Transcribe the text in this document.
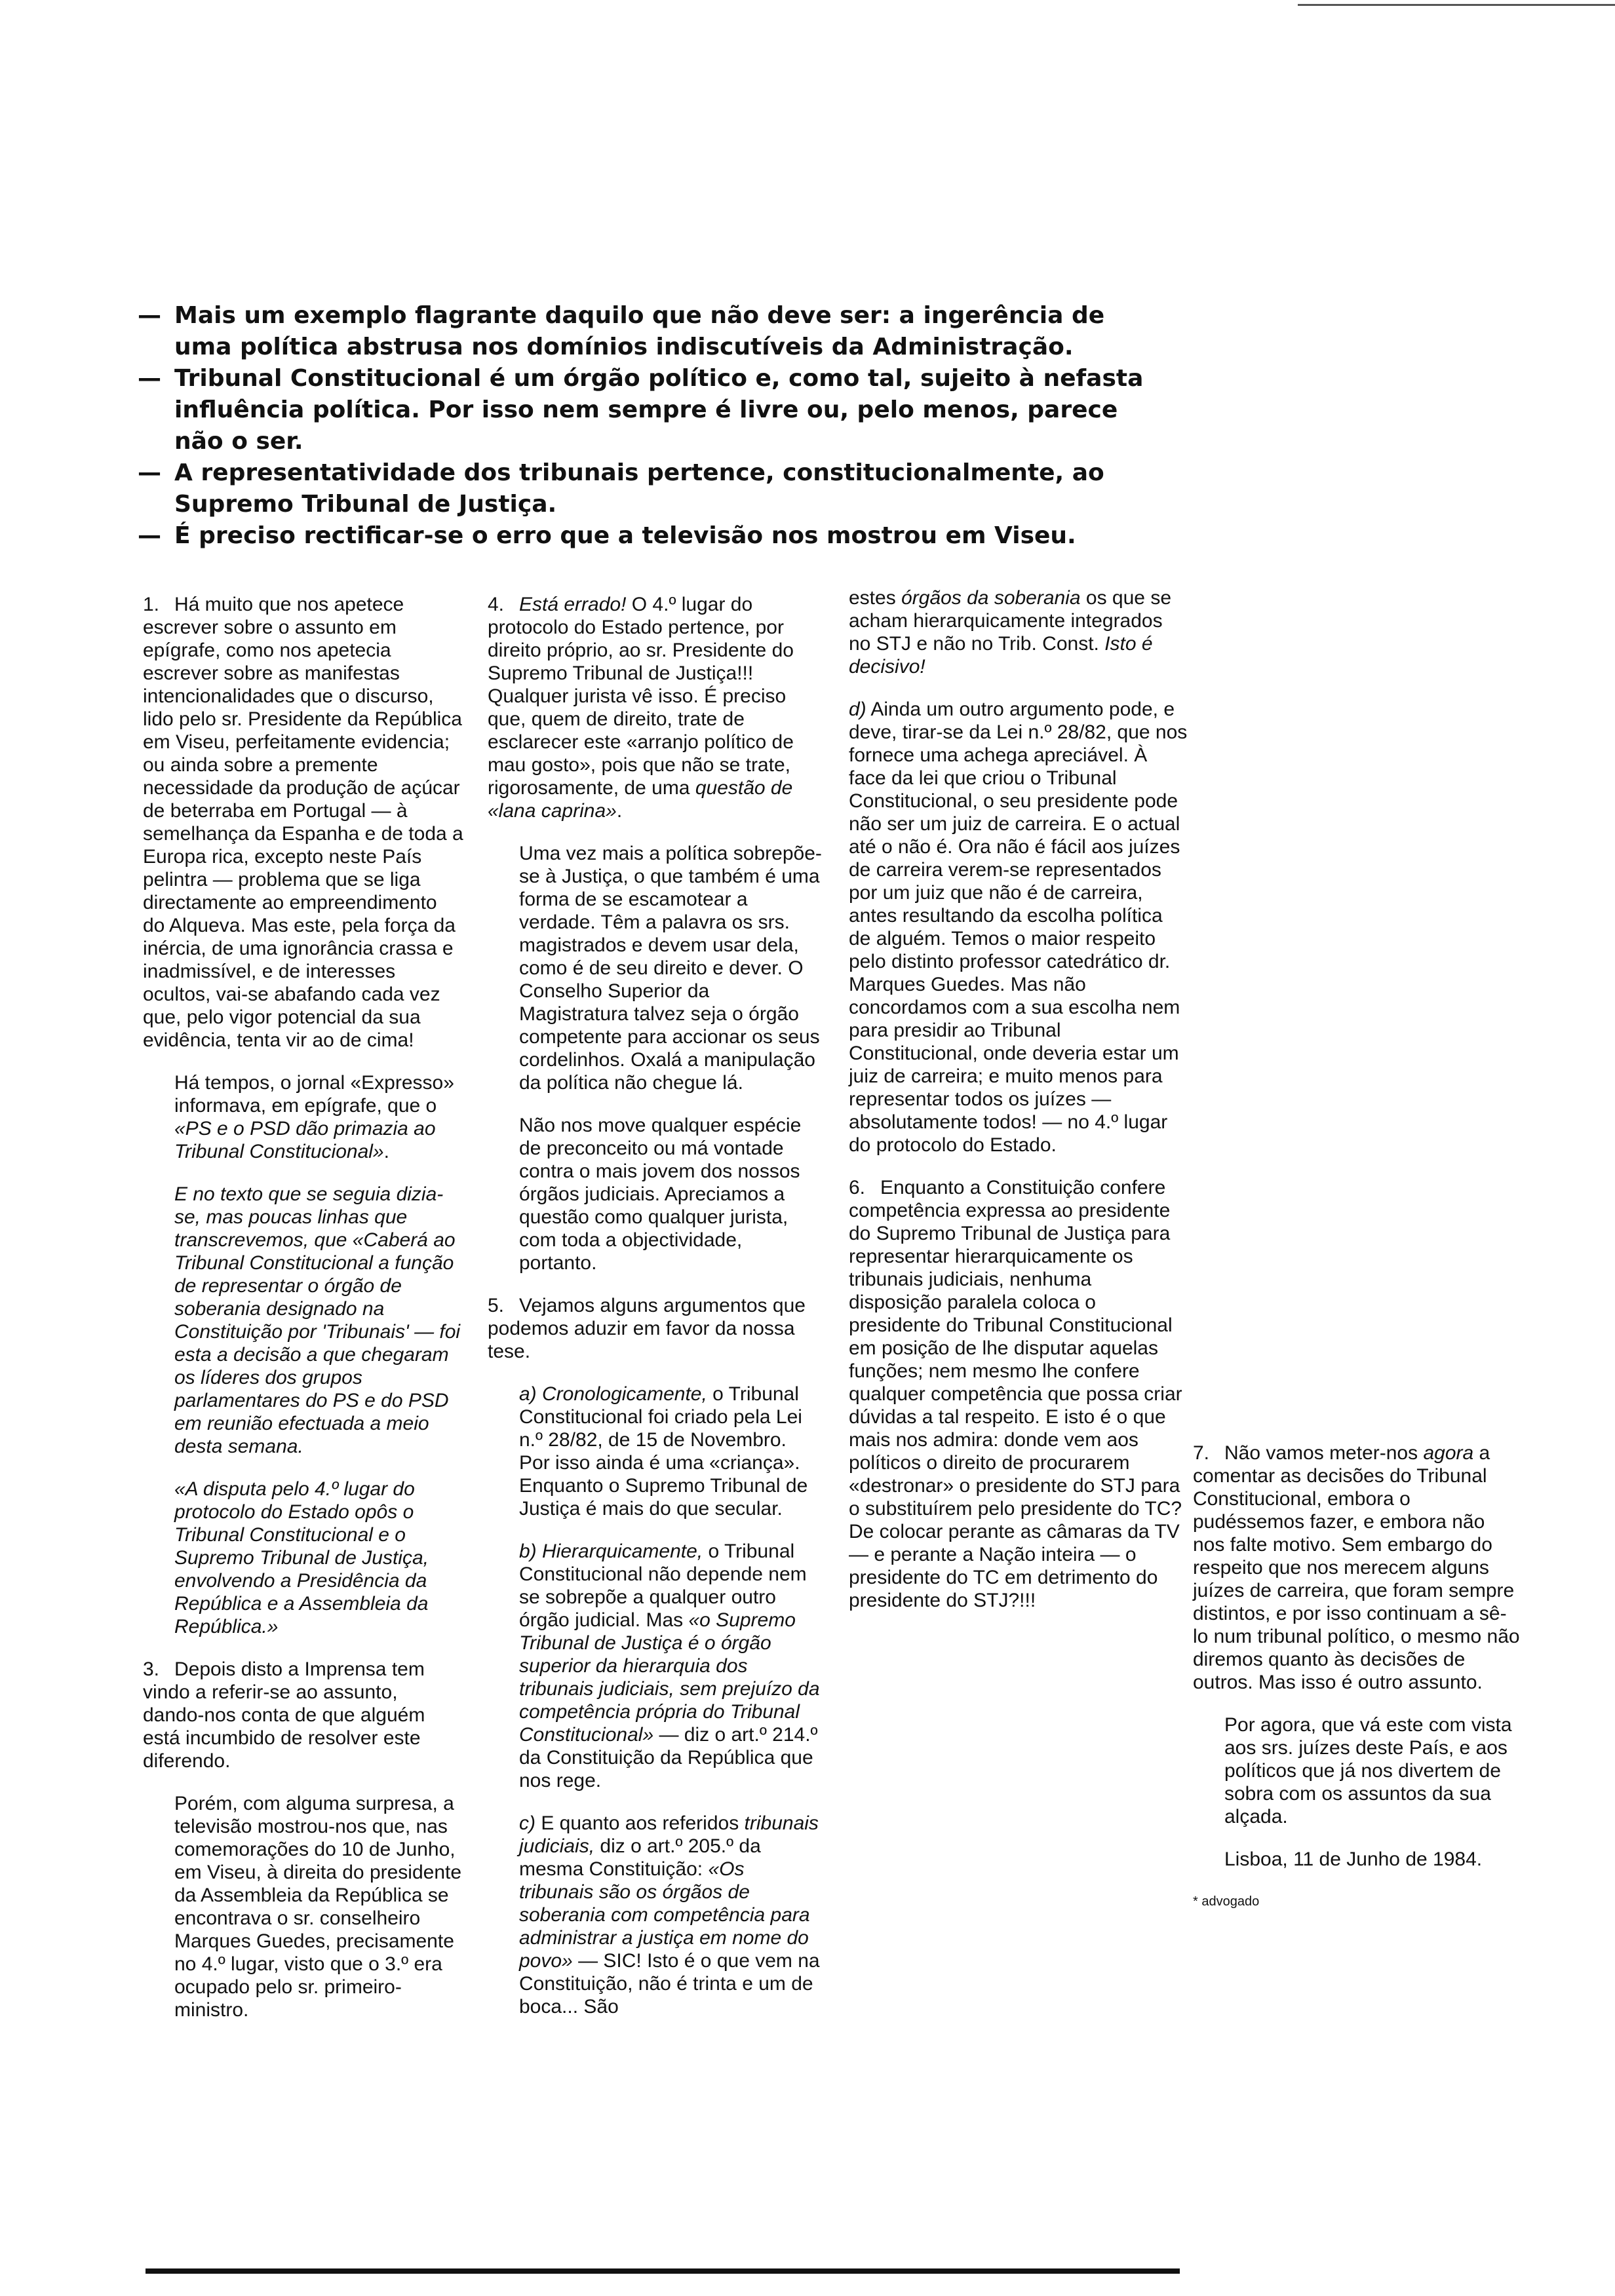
— Mais um exemplo flagrante daquilo que não deve ser: a ingerência de
uma política abstrusa nos domínios indiscutíveis da Administração.
— Tribunal Constitucional é um órgão político e, como tal, sujeito à nefasta
influência política. Por isso nem sempre é livre ou, pelo menos, parece
não o ser.
— A representatividade dos tribunais pertence, constitucionalmente, ao
Supremo Tribunal de Justiça.
— É preciso rectificar-se o erro que a televisão nos mostrou em Viseu.

1. Há muito que nos apetece escrever sobre o assunto em epígrafe, como nos apetecia escrever sobre as manifestas intencionalidades que o discurso, lido pelo sr. Presidente da República em Viseu, perfeitamente evidencia; ou ainda sobre a premente necessidade da produção de açúcar de beterraba em Portugal — à semelhança da Espanha e de toda a Europa rica, excepto neste País pelintra — problema que se liga directamente ao empreendimento do Alqueva. Mas este, pela força da inércia, de uma ignorância crassa e inadmissível, e de interesses ocultos, vai-se abafando cada vez que, pelo vigor potencial da sua evidência, tenta vir ao de cima!

Há tempos, o jornal «Expresso» informava, em epígrafe, que o «PS e o PSD dão primazia ao Tribunal Constitucional».

E no texto que se seguia dizia-se, mas poucas linhas que transcrevemos, que «Caberá ao Tribunal Constitucional a função de representar o órgão de soberania designado na Constituição por 'Tribunais' — foi esta a decisão a que chegaram os líderes dos grupos parlamentares do PS e do PSD em reunião efectuada a meio desta semana.

«A disputa pelo 4.º lugar do protocolo do Estado opôs o Tribunal Constitucional e o Supremo Tribunal de Justiça, envolvendo a Presidência da República e a Assembleia da República.»

3. Depois disto a Imprensa tem vindo a referir-se ao assunto, dando-nos conta de que alguém está incumbido de resolver este diferendo.

Porém, com alguma surpresa, a televisão mostrou-nos que, nas comemorações do 10 de Junho, em Viseu, à direita do presidente da Assembleia da República se encontrava o sr. conselheiro Marques Guedes, precisamente no 4.º lugar, visto que o 3.º era ocupado pelo sr. primeiro-ministro.

4. Está errado! O 4.º lugar do protocolo do Estado pertence, por direito próprio, ao sr. Presidente do Supremo Tribunal de Justiça!!! Qualquer jurista vê isso. É preciso que, quem de direito, trate de esclarecer este «arranjo político de mau gosto», pois que não se trate, rigorosamente, de uma questão de «lana caprina».

Uma vez mais a política sobrepõe-se à Justiça, o que também é uma forma de se escamotear a verdade. Têm a palavra os srs. magistrados e devem usar dela, como é de seu direito e dever. O Conselho Superior da Magistratura talvez seja o órgão competente para accionar os seus cordelinhos. Oxalá a manipulação da política não chegue lá.

Não nos move qualquer espécie de preconceito ou má vontade contra o mais jovem dos nossos órgãos judiciais. Apreciamos a questão como qualquer jurista, com toda a objectividade, portanto.

5. Vejamos alguns argumentos que podemos aduzir em favor da nossa tese.

a) Cronologicamente, o Tribunal Constitucional foi criado pela Lei n.º 28/82, de 15 de Novembro. Por isso ainda é uma «criança». Enquanto o Supremo Tribunal de Justiça é mais do que secular.

b) Hierarquicamente, o Tribunal Constitucional não depende nem se sobrepõe a qualquer outro órgão judicial. Mas «o Supremo Tribunal de Justiça é o órgão superior da hierarquia dos tribunais judiciais, sem prejuízo da competência própria do Tribunal Constitucional» — diz o art.º 214.º da Constituição da República que nos rege.

c) E quanto aos referidos tribunais judiciais, diz o art.º 205.º da mesma Constituição: «Os tribunais são os órgãos de soberania com competência para administrar a justiça em nome do povo» — SIC! Isto é o que vem na Constituição, não é trinta e um de boca... São

estes órgãos da soberania os que se acham hierarquicamente integrados no STJ e não no Trib. Const. Isto é decisivo!

d) Ainda um outro argumento pode, e deve, tirar-se da Lei n.º 28/82, que nos fornece uma achega apreciável. À face da lei que criou o Tribunal Constitucional, o seu presidente pode não ser um juiz de carreira. E o actual até o não é. Ora não é fácil aos juízes de carreira verem-se representados por um juiz que não é de carreira, antes resultando da escolha política de alguém. Temos o maior respeito pelo distinto professor catedrático dr. Marques Guedes. Mas não concordamos com a sua escolha nem para presidir ao Tribunal Constitucional, onde deveria estar um juiz de carreira; e muito menos para representar todos os juízes — absolutamente todos! — no 4.º lugar do protocolo do Estado.

6. Enquanto a Constituição confere competência expressa ao presidente do Supremo Tribunal de Justiça para representar hierarquicamente os tribunais judiciais, nenhuma disposição paralela coloca o presidente do Tribunal Constitucional em posição de lhe disputar aquelas funções; nem mesmo lhe confere qualquer competência que possa criar dúvidas a tal respeito. E isto é o que mais nos admira: donde vem aos políticos o direito de procurarem «destronar» o presidente do STJ para o substituírem pelo presidente do TC? De colocar perante as câmaras da TV — e perante a Nação inteira — o presidente do TC em detrimento do presidente do STJ?!!!

7. Não vamos meter-nos agora a comentar as decisões do Tribunal Constitucional, embora o pudéssemos fazer, e embora não nos falte motivo. Sem embargo do respeito que nos merecem alguns juízes de carreira, que foram sempre distintos, e por isso continuam a sê-lo num tribunal político, o mesmo não diremos quanto às decisões de outros. Mas isso é outro assunto.

Por agora, que vá este com vista aos srs. juízes deste País, e aos políticos que já nos divertem de sobra com os assuntos da sua alçada.

Lisboa, 11 de Junho de 1984.

* advogado
